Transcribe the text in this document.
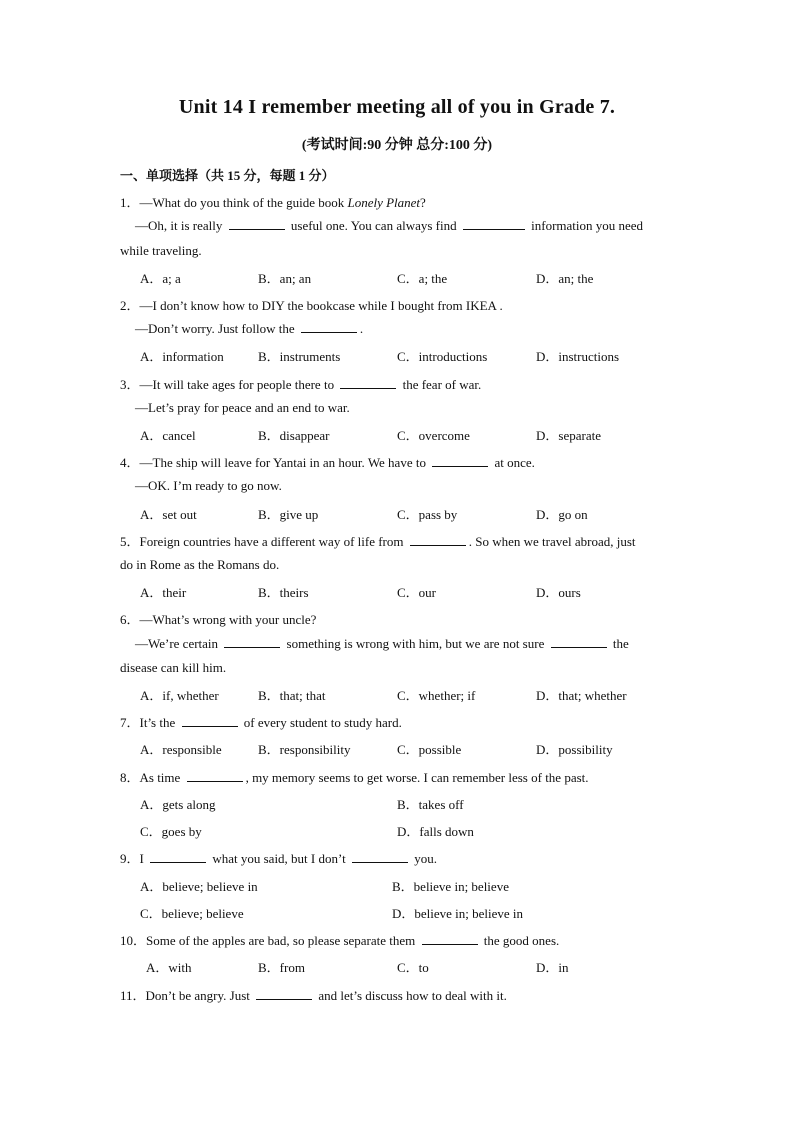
Unit 14 I remember meeting all of you in Grade 7.
(考试时间:90 分钟 总分:100 分)
一、单项选择（共 15 分，每题 1 分）
1．—What do you think of the guide book Lonely Planet?
—Oh, it is really	useful one. You can always find	information you need
while traveling.
A．a; a	B．an; an	C．a; the	D．an; the
2．—I don’t know how to DIY the bookcase while I bought from IKEA .
—Don’t worry. Just follow the	.
A．information	B．instruments	C．introductions	D．instructions
3．—It will take ages for people there to	the fear of war.
—Let’s pray for peace and an end to war.
A．cancel	B．disappear	C．overcome	D．separate
4．—The ship will leave for Yantai in an hour. We have to	at once.
—OK. I’m ready to go now.
A．set out	B．give up	C．pass by	D．go on
5．Foreign countries have a different way of life from	. So when we travel abroad, just
do in Rome as the Romans do.
A．their	B．theirs	C．our	D．ours
6．—What’s wrong with your uncle?
—We’re certain	something is wrong with him, but we are not sure	the
disease can kill him.
A．if, whether	B．that; that	C．whether; if	D．that; whether
7．It’s the	of every student to study hard.
A．responsible	B．responsibility	C．possible	D．possibility
8．As time	, my memory seems to get worse. I can remember less of the past.
A．gets along	B．takes off
C．goes by	D．falls down
9．I	what you said, but I don’t	you.
A．believe; believe in	B．believe in; believe
C．believe; believe	D．believe in; believe in
10．Some of the apples are bad, so please separate them	the good ones.
A．with	B．from	C．to	D．in
11．Don’t be angry. Just	and let’s discuss how to deal with it.
